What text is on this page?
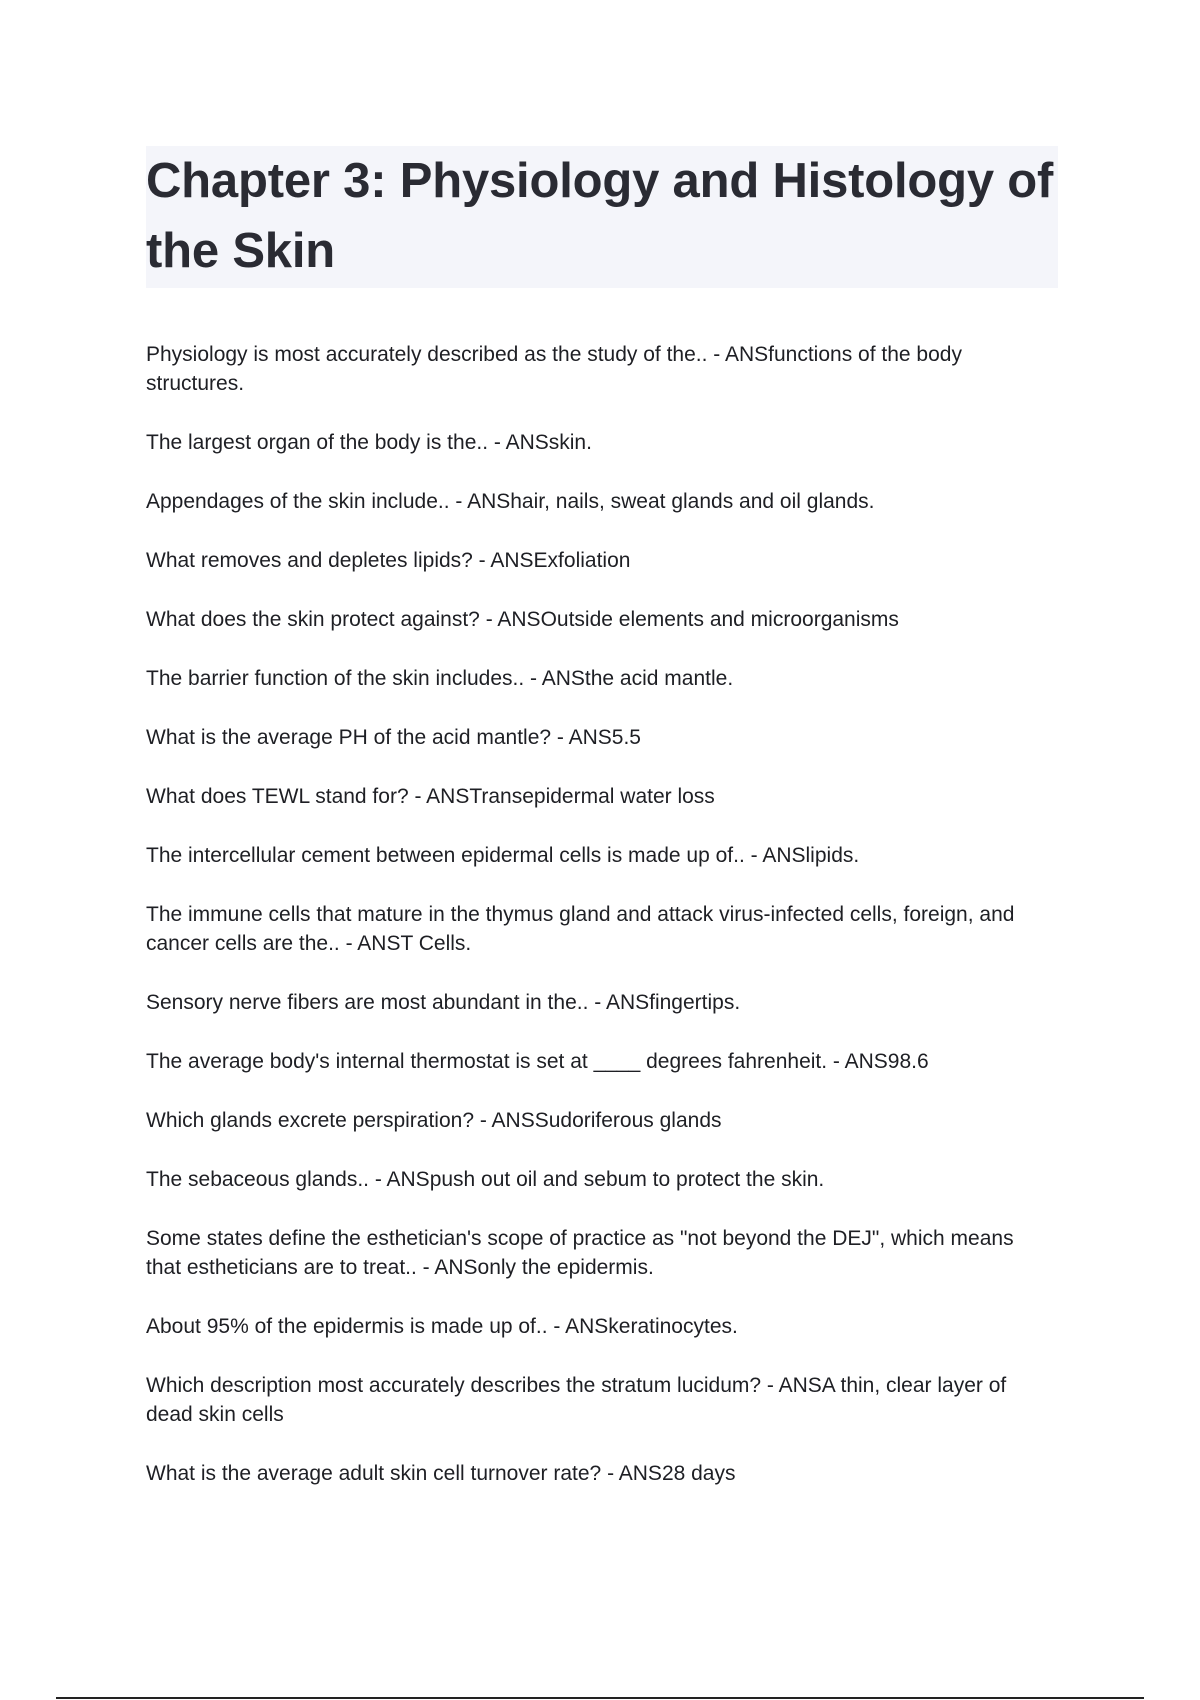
Chapter 3: Physiology and Histology of the Skin

Physiology is most accurately described as the study of the.. - ANSfunctions of the body structures.

The largest organ of the body is the.. - ANSskin.

Appendages of the skin include.. - ANShair, nails, sweat glands and oil glands.

What removes and depletes lipids? - ANSExfoliation

What does the skin protect against? - ANSOutside elements and microorganisms

The barrier function of the skin includes.. - ANSthe acid mantle.

What is the average PH of the acid mantle? - ANS5.5

What does TEWL stand for? - ANSTransepidermal water loss

The intercellular cement between epidermal cells is made up of.. - ANSlipids.

The immune cells that mature in the thymus gland and attack virus-infected cells, foreign, and cancer cells are the.. - ANST Cells.

Sensory nerve fibers are most abundant in the.. - ANSfingertips.

The average body's internal thermostat is set at ____ degrees fahrenheit. - ANS98.6

Which glands excrete perspiration? - ANSSudoriferous glands

The sebaceous glands.. - ANSpush out oil and sebum to protect the skin.

Some states define the esthetician's scope of practice as "not beyond the DEJ", which means that estheticians are to treat.. - ANSonly the epidermis.

About 95% of the epidermis is made up of.. - ANSkeratinocytes.

Which description most accurately describes the stratum lucidum? - ANSA thin, clear layer of dead skin cells

What is the average adult skin cell turnover rate? - ANS28 days
